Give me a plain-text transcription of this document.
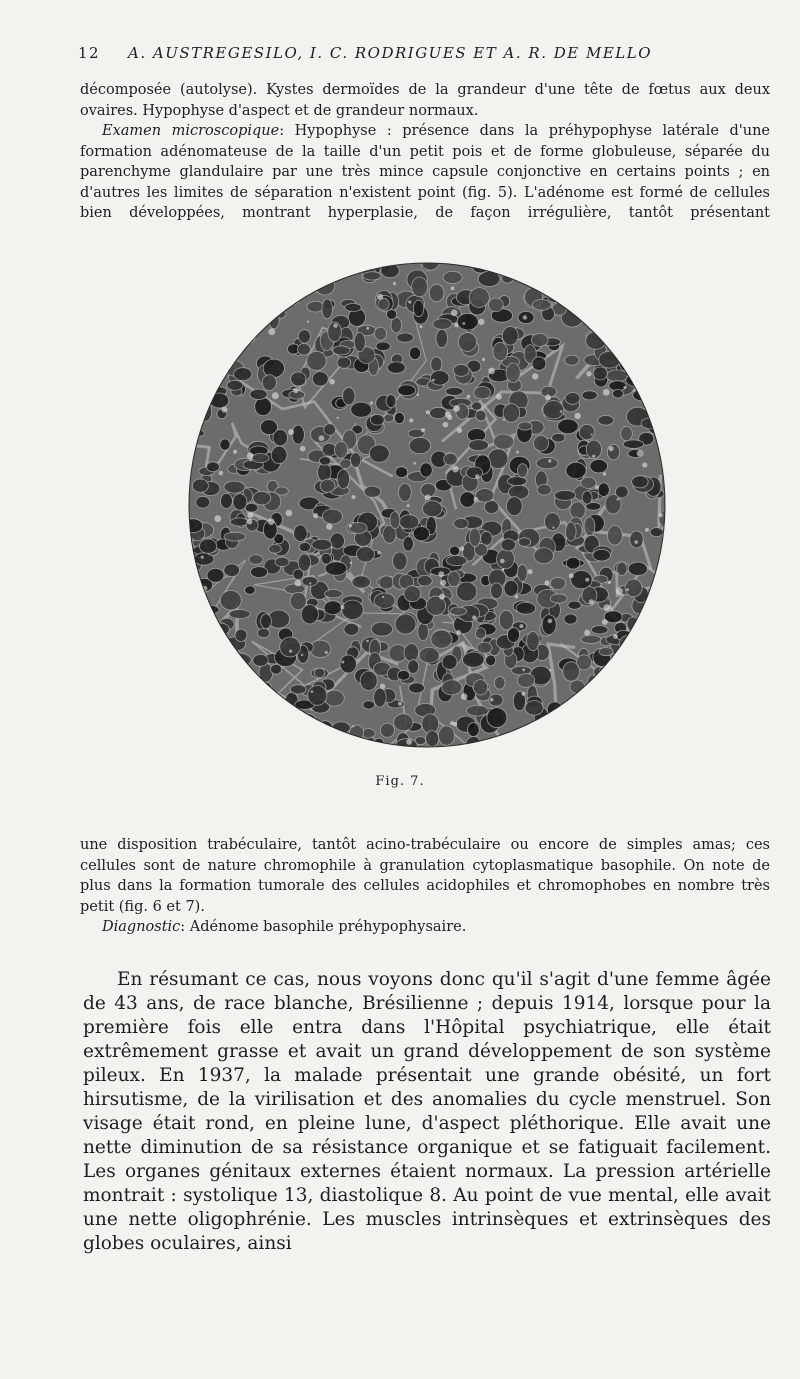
12 A. AUSTREGESILO, I. C. RODRIGUES ET A. R. DE MELLO

décomposée (autolyse). Kystes dermoïdes de la grandeur d'une tête de fœtus aux deux ovaires. Hypophyse d'aspect et de grandeur normaux.

Examen microscopique: Hypophyse : présence dans la préhypophyse latérale d'une formation adénomateuse de la taille d'un petit pois et de forme globuleuse, séparée du parenchyme glandulaire par une très mince capsule conjonctive en certains points ; en d'autres les limites de séparation n'existent point (fig. 5). L'adénome est formé de cellules bien développées, montrant hyperplasie, de façon irrégulière, tantôt présentant

Fig. 7.

une disposition trabéculaire, tantôt acino-trabéculaire ou encore de simples amas; ces cellules sont de nature chromophile à granulation cytoplasmatique basophile. On note de plus dans la formation tumorale des cellules acidophiles et chromophobes en nombre très petit (fig. 6 et 7).

Diagnostic: Adénome basophile préhypophysaire.

En résumant ce cas, nous voyons donc qu'il s'agit d'une femme âgée de 43 ans, de race blanche, Brésilienne ; depuis 1914, lorsque pour la première fois elle entra dans l'Hôpital psychiatrique, elle était extrêmement grasse et avait un grand développement de son système pileux. En 1937, la malade présentait une grande obésité, un fort hirsutisme, de la virilisation et des anomalies du cycle menstruel. Son visage était rond, en pleine lune, d'aspect pléthorique. Elle avait une nette diminution de sa résistance organique et se fatiguait facilement. Les organes génitaux externes étaient normaux. La pression artérielle montrait : systolique 13, diastolique 8. Au point de vue mental, elle avait une nette oligophrénie. Les muscles intrinsèques et extrinsèques des globes oculaires, ainsi
